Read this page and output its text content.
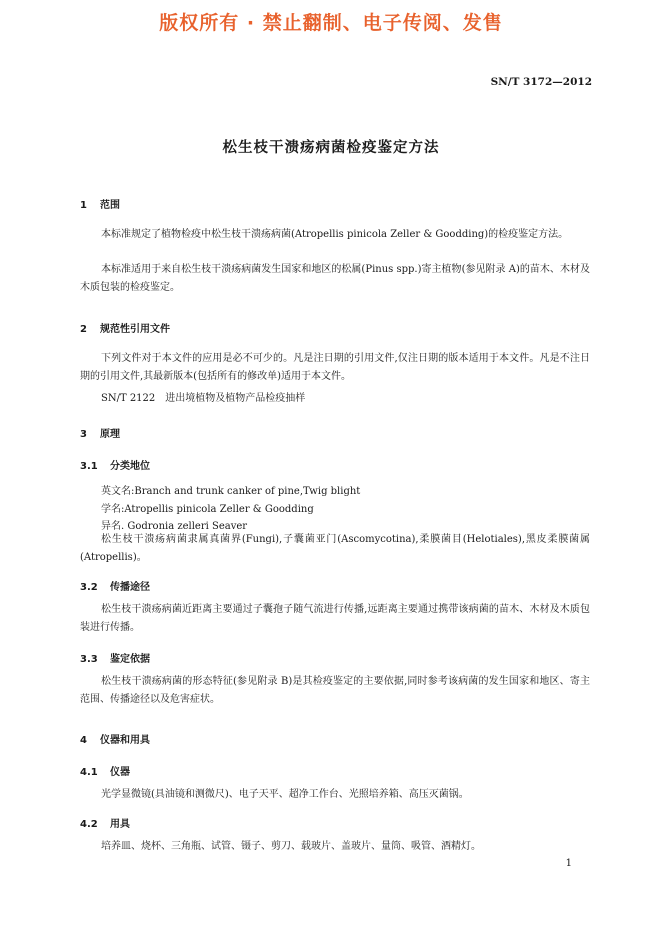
版权所有 · 禁止翻制、电子传阅、发售
SN/T 3172—2012
松生枝干溃疡病菌检疫鉴定方法
1 范围
本标准规定了植物检疫中松生枝干溃疡病菌(Atropellis pinicola Zeller & Goodding)的检疫鉴定方法。
本标准适用于来自松生枝干溃疡病菌发生国家和地区的松属(Pinus spp.)寄主植物(参见附录 A)的苗木、木材及木质包装的检疫鉴定。
2 规范性引用文件
下列文件对于本文件的应用是必不可少的。凡是注日期的引用文件,仅注日期的版本适用于本文件。凡是不注日期的引用文件,其最新版本(包括所有的修改单)适用于本文件。
SN/T 2122　进出境植物及植物产品检疫抽样
3 原理
3.1 分类地位
英文名:Branch and trunk canker of pine,Twig blight
学名:Atropellis pinicola Zeller & Goodding
异名. Godronia zelleri Seaver
松生枝干溃疡病菌隶属真菌界(Fungi),子囊菌亚门(Ascomycotina),柔膜菌目(Helotiales),黑皮柔膜菌属(Atropellis)。
3.2 传播途径
松生枝干溃疡病菌近距离主要通过子囊孢子随气流进行传播,远距离主要通过携带该病菌的苗木、木材及木质包装进行传播。
3.3 鉴定依据
松生枝干溃疡病菌的形态特征(参见附录 B)是其检疫鉴定的主要依据,同时参考该病菌的发生国家和地区、寄主范围、传播途径以及危害症状。
4 仪器和用具
4.1 仪器
光学显微镜(具油镜和测微尺)、电子天平、超净工作台、光照培养箱、高压灭菌锅。
4.2 用具
培养皿、烧杯、三角瓶、试管、镊子、剪刀、载玻片、盖玻片、量筒、吸管、酒精灯。
1
